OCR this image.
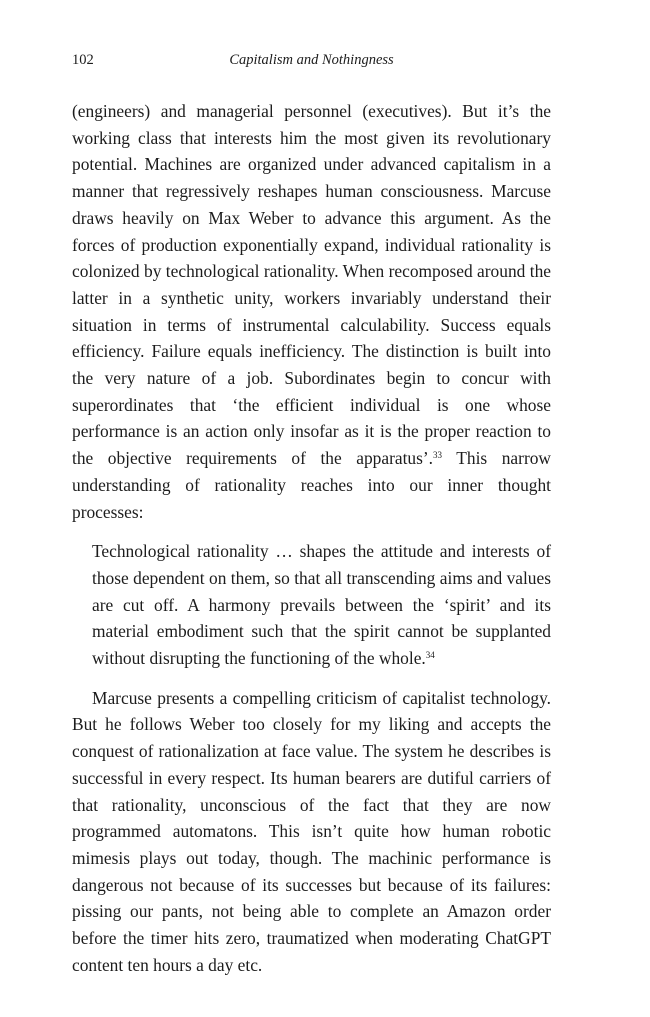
102	Capitalism and Nothingness

(engineers) and managerial personnel (executives). But it’s the working class that interests him the most given its revolutionary potential. Machines are organized under advanced capitalism in a manner that regressively reshapes human consciousness. Marcuse draws heavily on Max Weber to advance this argument. As the forces of production exponentially expand, individual rationality is colonized by technological rationality. When recomposed around the latter in a synthetic unity, workers invariably understand their situation in terms of instrumental calculability. Success equals efficiency. Failure equals inefficiency. The distinction is built into the very nature of a job. Subordinates begin to concur with superordinates that ‘the efficient individual is one whose performance is an action only insofar as it is the proper reaction to the objective requirements of the apparatus’.$^{33}$ This narrow understanding of rationality reaches into our inner thought processes:

Technological rationality … shapes the attitude and interests of those dependent on them, so that all transcending aims and values are cut off. A harmony prevails between the ‘spirit’ and its material embodiment such that the spirit cannot be supplanted without disrupting the functioning of the whole.$^{34}$

Marcuse presents a compelling criticism of capitalist technology. But he follows Weber too closely for my liking and accepts the conquest of rationalization at face value. The system he describes is successful in every respect. Its human bearers are dutiful carriers of that rationality, unconscious of the fact that they are now programmed automatons. This isn’t quite how human robotic mimesis plays out today, though. The machinic performance is dangerous not because of its successes but because of its failures: pissing our pants, not being able to complete an Amazon order before the timer hits zero, traumatized when moderating ChatGPT content ten hours a day etc.
